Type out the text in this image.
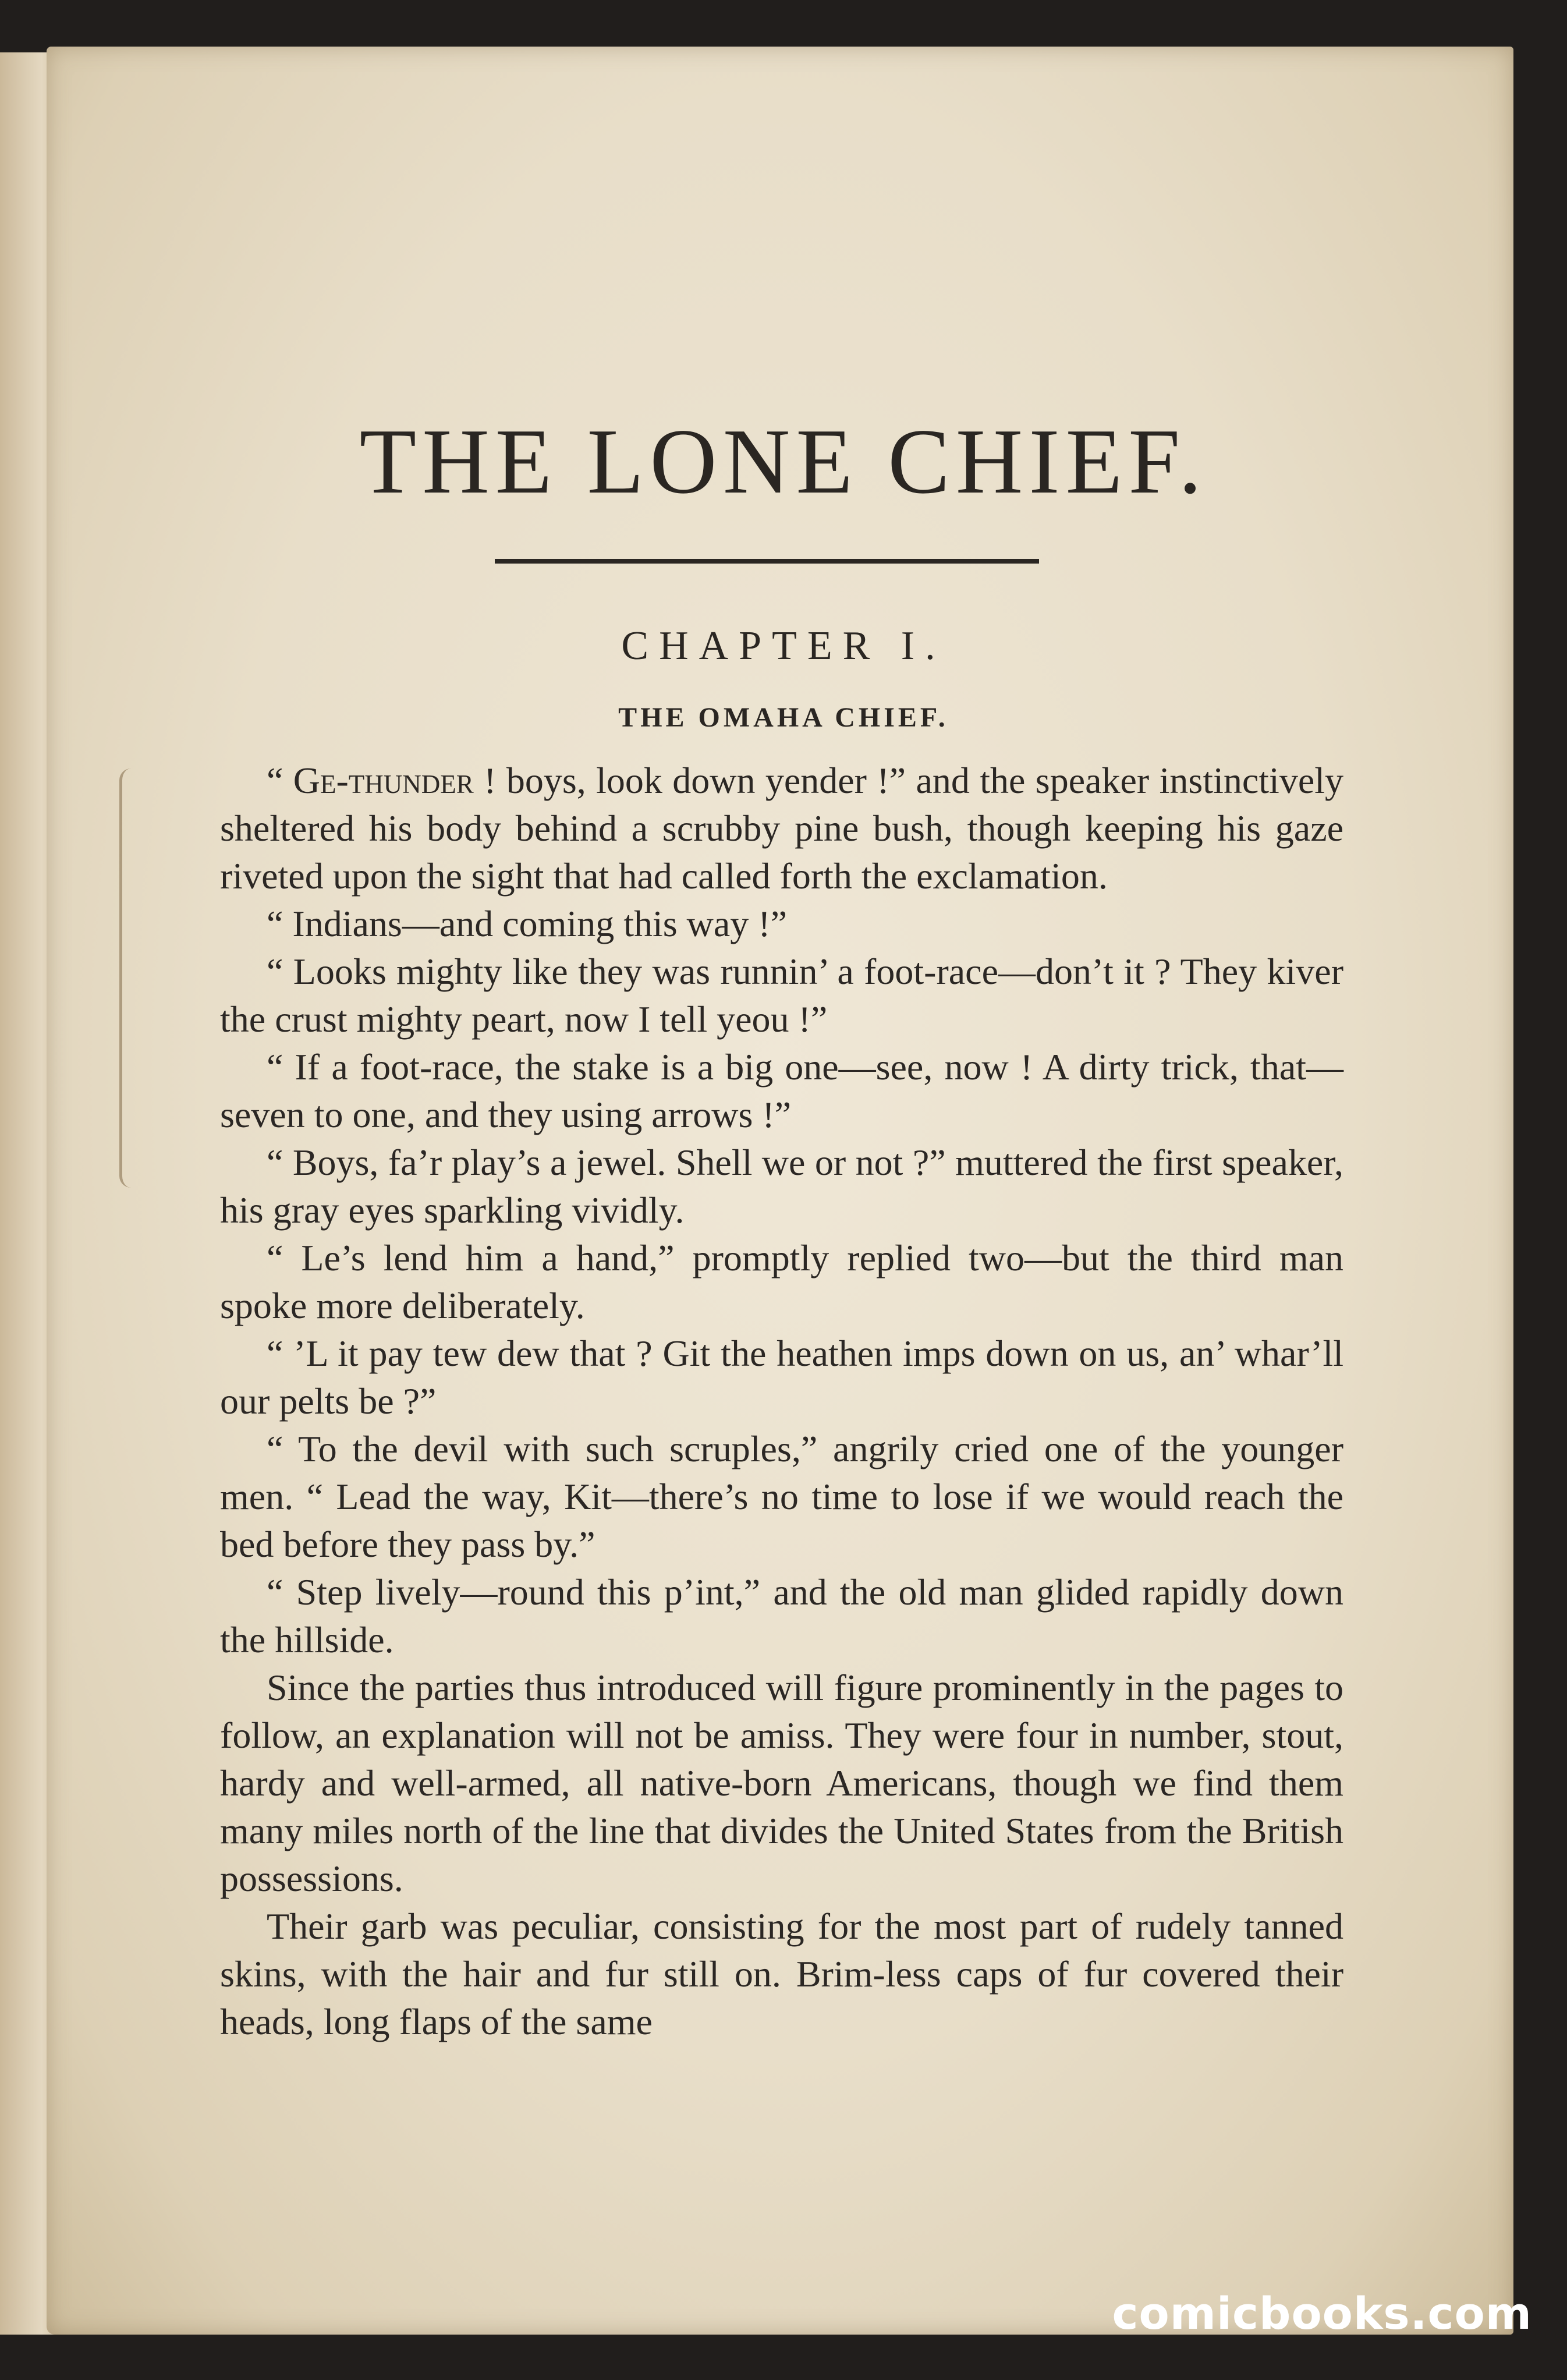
THE LONE CHIEF.
CHAPTER I.
THE OMAHA CHIEF.

“ Ge-thunder ! boys, look down yender !” and the speaker instinctively sheltered his body behind a scrubby pine bush, though keeping his gaze riveted upon the sight that had called forth the exclamation.

“ Indians—and coming this way !”

“ Looks mighty like they was runnin’ a foot-race—don’t it ? They kiver the crust mighty peart, now I tell yeou !”

“ If a foot-race, the stake is a big one—see, now ! A dirty trick, that—seven to one, and they using arrows !”

“ Boys, fa’r play’s a jewel. Shell we or not ?” muttered the first speaker, his gray eyes sparkling vividly.

“ Le’s lend him a hand,” promptly replied two—but the third man spoke more deliberately.

“ ’L it pay tew dew that ? Git the heathen imps down on us, an’ whar’ll our pelts be ?”

“ To the devil with such scruples,” angrily cried one of the younger men. “ Lead the way, Kit—there’s no time to lose if we would reach the bed before they pass by.”

“ Step lively—round this p’int,” and the old man glided rapidly down the hillside.

Since the parties thus introduced will figure prominently in the pages to follow, an explanation will not be amiss. They were four in number, stout, hardy and well-armed, all native-born Americans, though we find them many miles north of the line that divides the United States from the British possessions.

Their garb was peculiar, consisting for the most part of rudely tanned skins, with the hair and fur still on. Brim-less caps of fur covered their heads, long flaps of the same

comicbooks.com
